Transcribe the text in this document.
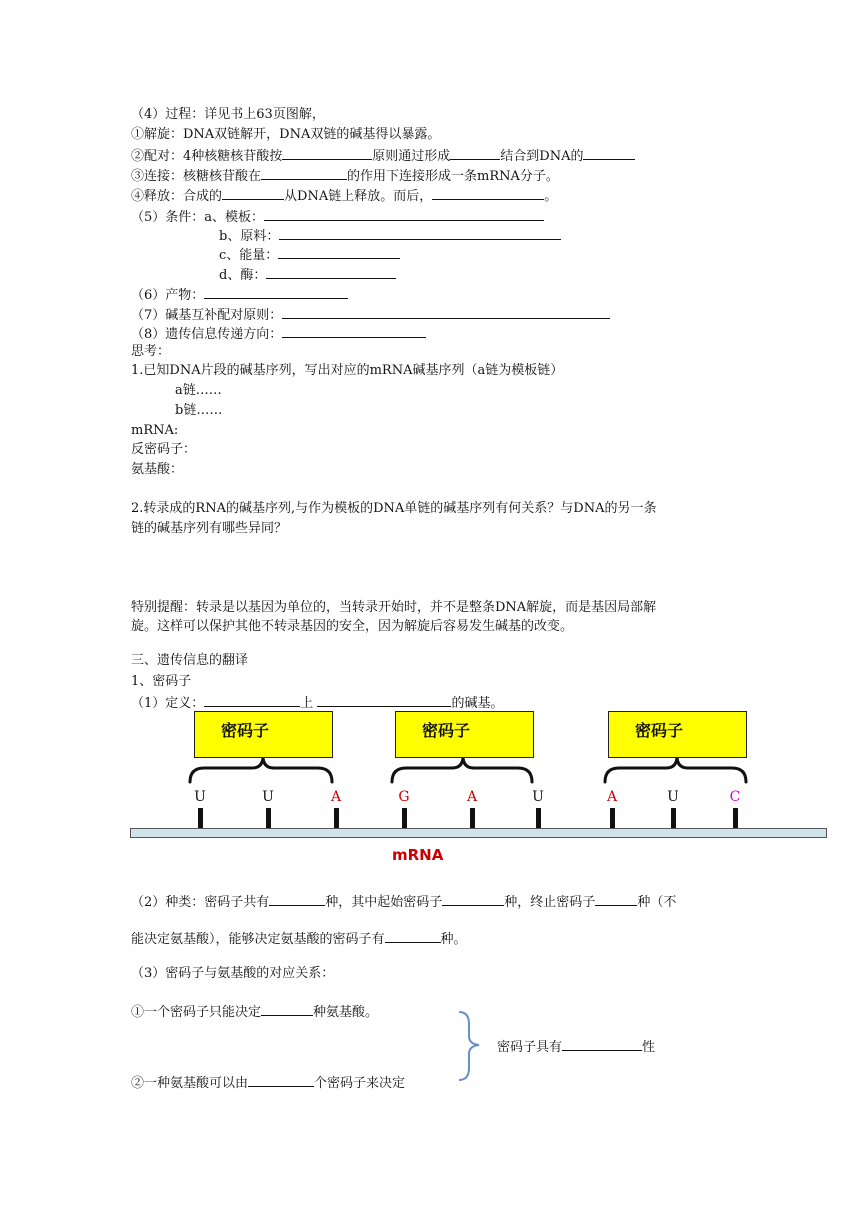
（4）过程：详见书上63页图解，
①解旋：DNA双链解开，DNA双链的碱基得以暴露。
②配对：4种核糖核苷酸按	原则通过形成	结合到DNA的
③连接：核糖核苷酸在	的作用下连接形成一条mRNA分子。
④释放：合成的	从DNA链上释放。而后，	。
（5）条件：a、模板：
b、原料：
c、能量：
d、酶：
（6）产物：
（7）碱基互补配对原则：
（8）遗传信息传递方向：
思考：
1.已知DNA片段的碱基序列，写出对应的mRNA碱基序列（a链为模板链）
a链……
b链……
mRNA:
反密码子：
氨基酸：
2.转录成的RNA的碱基序列,与作为模板的DNA单链的碱基序列有何关系？与DNA的另一条
链的碱基序列有哪些异同？
特别提醒：转录是以基因为单位的，当转录开始时，并不是整条DNA解旋，而是基因局部解
旋。这样可以保护其他不转录基因的安全，因为解旋后容易发生碱基的改变。
三、遗传信息的翻译
1、密码子
（1）定义：	上	的碱基。
密码子	密码子	密码子
U	U	A	G	A	U	A	U	C
mRNA
（2）种类：密码子共有	种，其中起始密码子	种，终止密码子	种（不
能决定氨基酸），能够决定氨基酸的密码子有	种。
（3）密码子与氨基酸的对应关系：
①一个密码子只能决定	种氨基酸。
密码子具有	性
②一种氨基酸可以由	个密码子来决定
